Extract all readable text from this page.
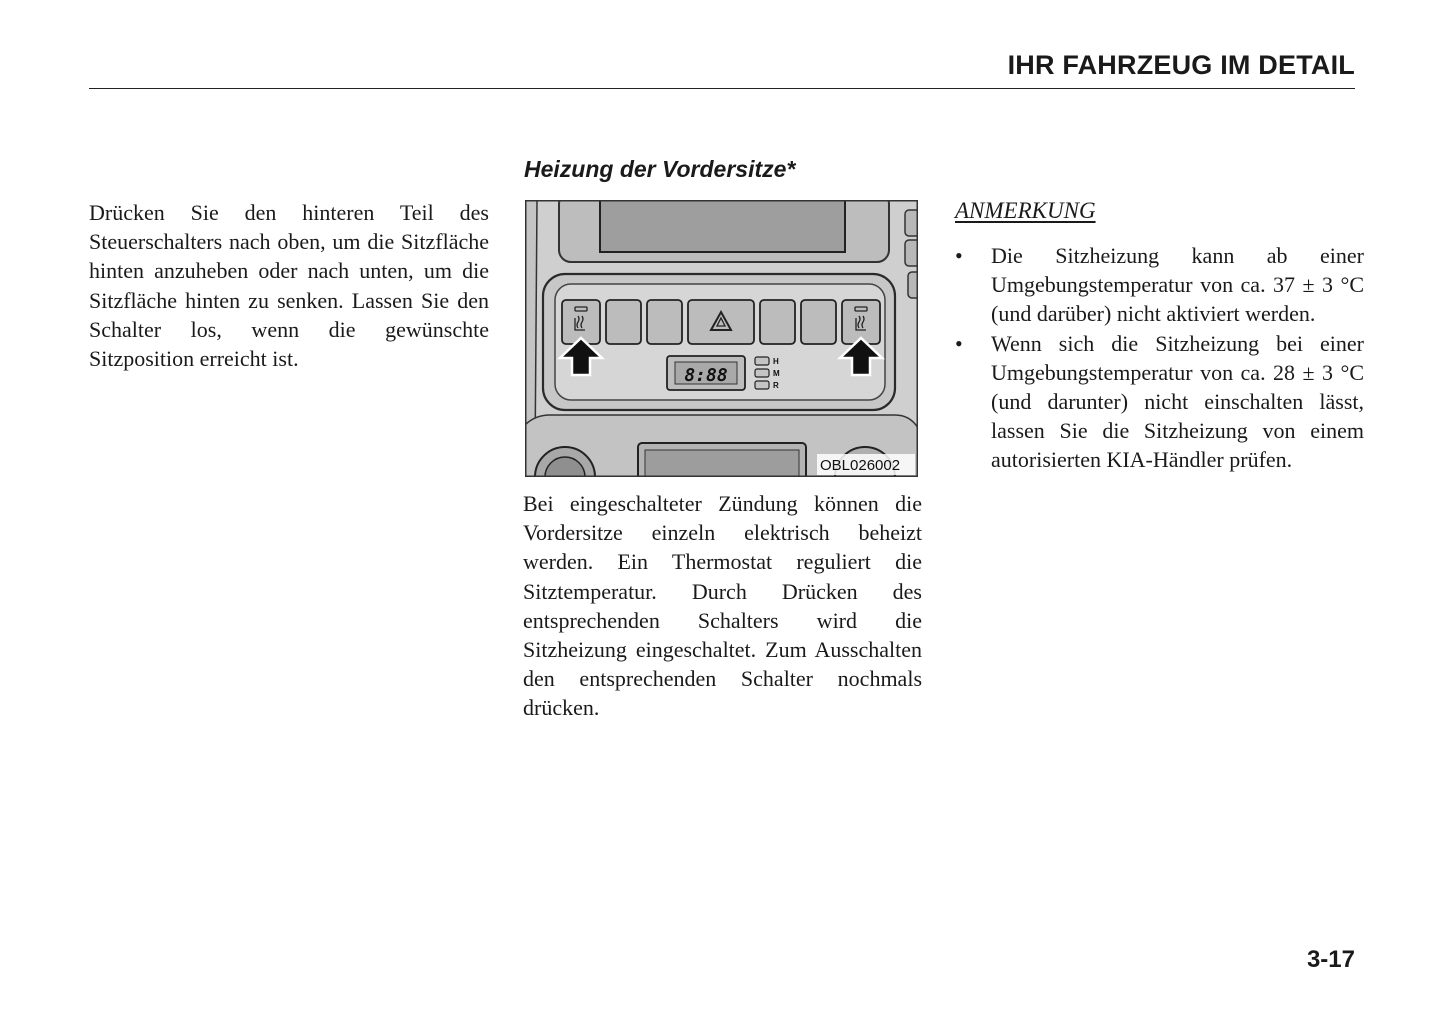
IHR FAHRZEUG IM DETAIL
Drücken Sie den hinteren Teil des Steuerschalters nach oben, um die Sitzfläche hinten anzuheben oder nach unten, um die Sitzfläche hinten zu senken. Lassen Sie den Schalter los, wenn die gewünschte Sitzposition erreicht ist.
Heizung der Vordersitze*
8:88
H
M
R
OBL026002
Bei eingeschalteter Zündung können die Vordersitze einzeln elektrisch beheizt werden. Ein Thermostat reguliert die Sitztemperatur. Durch Drücken des entsprechenden Schalters wird die Sitzheizung eingeschaltet. Zum Ausschalten den entsprechenden Schalter nochmals drücken.
ANMERKUNG
• Die Sitzheizung kann ab einer Umgebungstemperatur von ca. 37 ± 3 °C (und darüber) nicht aktiviert werden.
• Wenn sich die Sitzheizung bei einer Umgebungstemperatur von ca. 28 ± 3 °C (und darunter) nicht einschalten lässt, lassen Sie die Sitzheizung von einem autorisierten KIA-Händler prüfen.
3-17
